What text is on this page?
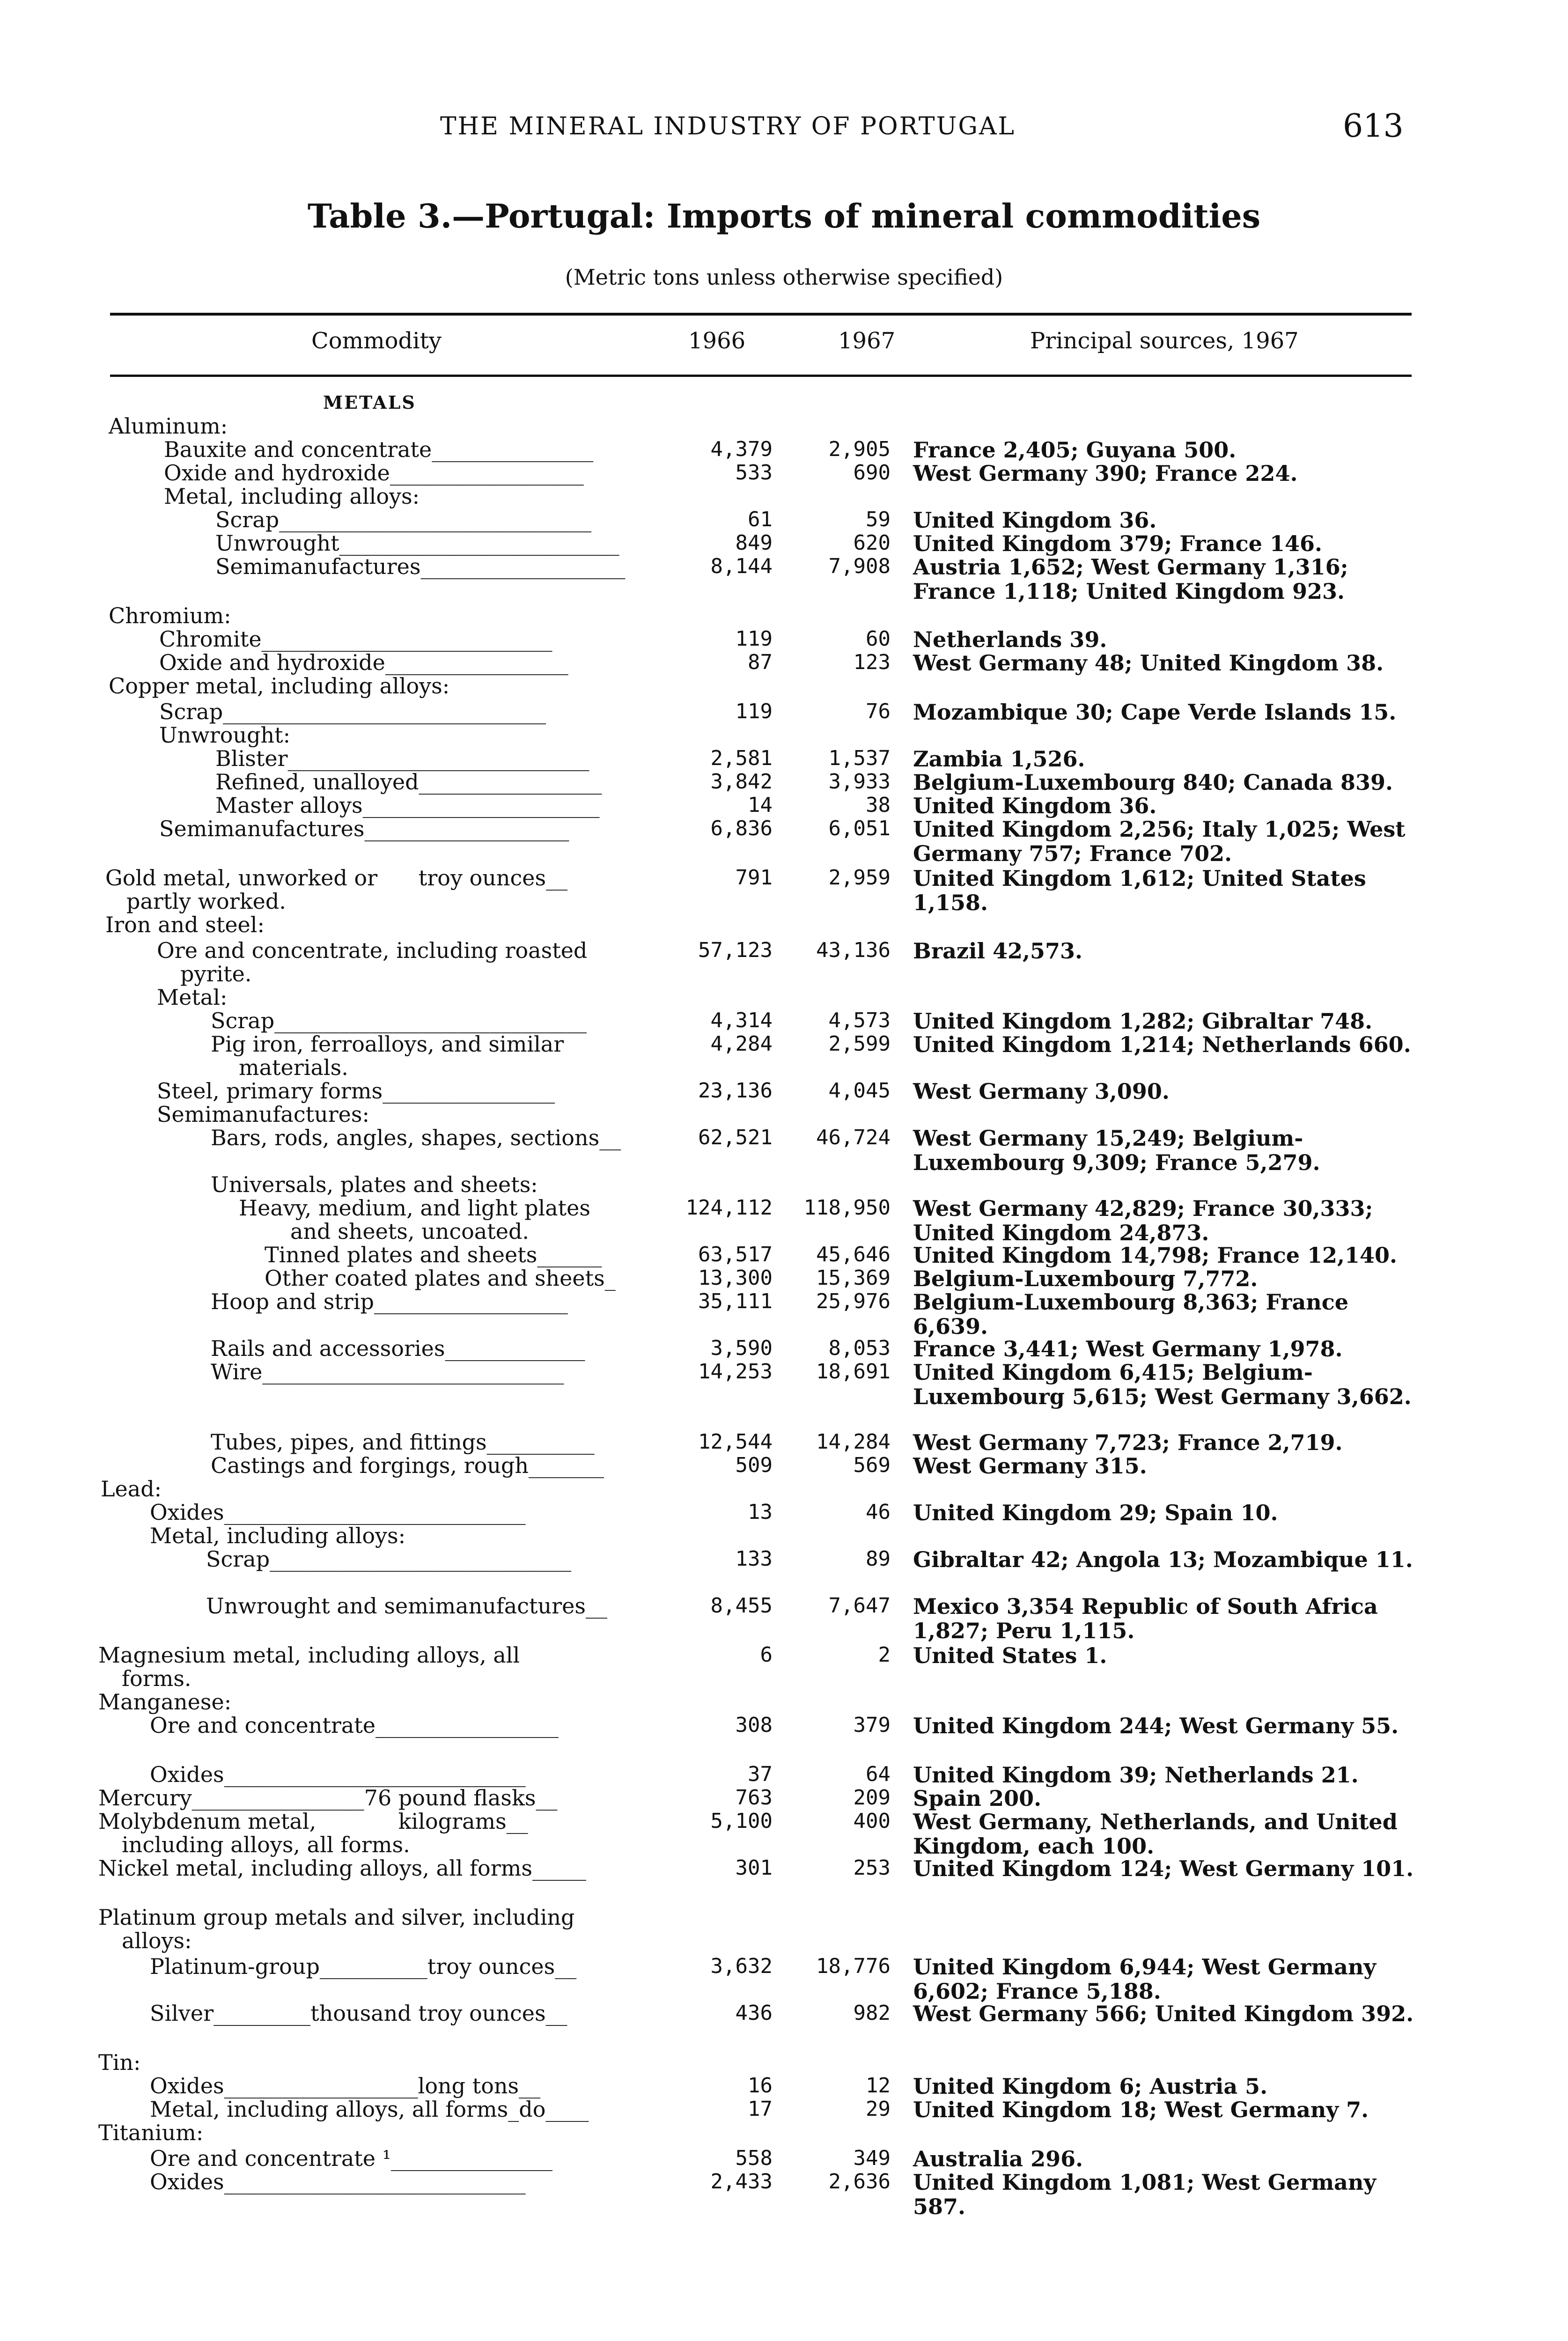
THE MINERAL INDUSTRY OF PORTUGAL	613
Table 3.—Portugal: Imports of mineral commodities
(Metric tons unless otherwise specified)
Commodity	1966	1967	Principal sources, 1967
METALS
Aluminum:
Bauxite and concentrate_______________	4,379	2,905 France 2,405; Guyana 500.
Oxide and hydroxide__________________	533	690 West Germany 390; France 224.
Metal, including alloys:
Scrap_____________________________	61	59 United Kingdom 36.
Unwrought__________________________	849	620 United Kingdom 379; France 146.
Semimanufactures___________________	8,144	7,908 Austria 1,652; West Germany 1,316; France 1,118; United Kingdom 923.
Chromium:
Chromite___________________________	119	60 Netherlands 39.
Oxide and hydroxide_________________	87	123 West Germany 48; United Kingdom 38.
Copper metal, including alloys:
Scrap______________________________	119	76 Mozambique 30; Cape Verde Islands 15.
Unwrought:
Blister____________________________	2,581	1,537 Zambia 1,526.
Refined, unalloyed_________________	3,842	3,933 Belgium-Luxembourg 840; Canada 839.
Master alloys______________________	14	38 United Kingdom 36.
Semimanufactures___________________	6,836	6,051 United Kingdom 2,256; Italy 1,025; West Germany 757; France 702.
Gold metal, unworked or      troy ounces__	791	2,959 United Kingdom 1,612; United States 1,158.
partly worked.
Iron and steel:
Ore and concentrate, including roasted	57,123	43,136 Brazil 42,573.
pyrite.
Metal:
Scrap_____________________________	4,314	4,573 United Kingdom 1,282; Gibraltar 748.
Pig iron, ferroalloys, and similar	4,284	2,599 United Kingdom 1,214; Netherlands 660.
materials.
Steel, primary forms________________	23,136	4,045 West Germany 3,090.
Semimanufactures:
Bars, rods, angles, shapes, sections__	62,521	46,724 West Germany 15,249; Belgium-Luxembourg 9,309; France 5,279.
Universals, plates and sheets:
Heavy, medium, and light plates	124,112	118,950 West Germany 42,829; France 30,333; United Kingdom 24,873.
and sheets, uncoated.
Tinned plates and sheets______	63,517	45,646 United Kingdom 14,798; France 12,140.
Other coated plates and sheets_	13,300	15,369 Belgium-Luxembourg 7,772.
Hoop and strip__________________	35,111	25,976 Belgium-Luxembourg 8,363; France 6,639.
Rails and accessories_____________	3,590	8,053 France 3,441; West Germany 1,978.
Wire____________________________	14,253	18,691 United Kingdom 6,415; Belgium-Luxembourg 5,615; West Germany 3,662.
Tubes, pipes, and fittings__________	12,544	14,284 West Germany 7,723; France 2,719.
Castings and forgings, rough_______	509	569 West Germany 315.
Lead:
Oxides____________________________	13	46 United Kingdom 29; Spain 10.
Metal, including alloys:
Scrap____________________________	133	89 Gibraltar 42; Angola 13; Mozambique 11.
Unwrought and semimanufactures__	8,455	7,647 Mexico 3,354 Republic of South Africa 1,827; Peru 1,115.
Magnesium metal, including alloys, all	6	2 United States 1.
forms.
Manganese:
Ore and concentrate_________________	308	379 United Kingdom 244; West Germany 55.
Oxides____________________________	37	64 United Kingdom 39; Netherlands 21.
Mercury________________76 pound flasks__	763	209 Spain 200.
Molybdenum metal,            kilograms__	5,100	400 West Germany, Netherlands, and United Kingdom, each 100.
including alloys, all forms.
Nickel metal, including alloys, all forms_____	301	253 United Kingdom 124; West Germany 101.
Platinum group metals and silver, including
alloys:
Platinum-group__________troy ounces__	3,632	18,776 United Kingdom 6,944; West Germany 6,602; France 5,188.
Silver_________thousand troy ounces__	436	982 West Germany 566; United Kingdom 392.
Tin:
Oxides__________________long tons__	16	12 United Kingdom 6; Austria 5.
Metal, including alloys, all forms_do____	17	29 United Kingdom 18; West Germany 7.
Titanium:
Ore and concentrate ¹_______________	558	349 Australia 296.
Oxides____________________________	2,433	2,636 United Kingdom 1,081; West Germany 587.
